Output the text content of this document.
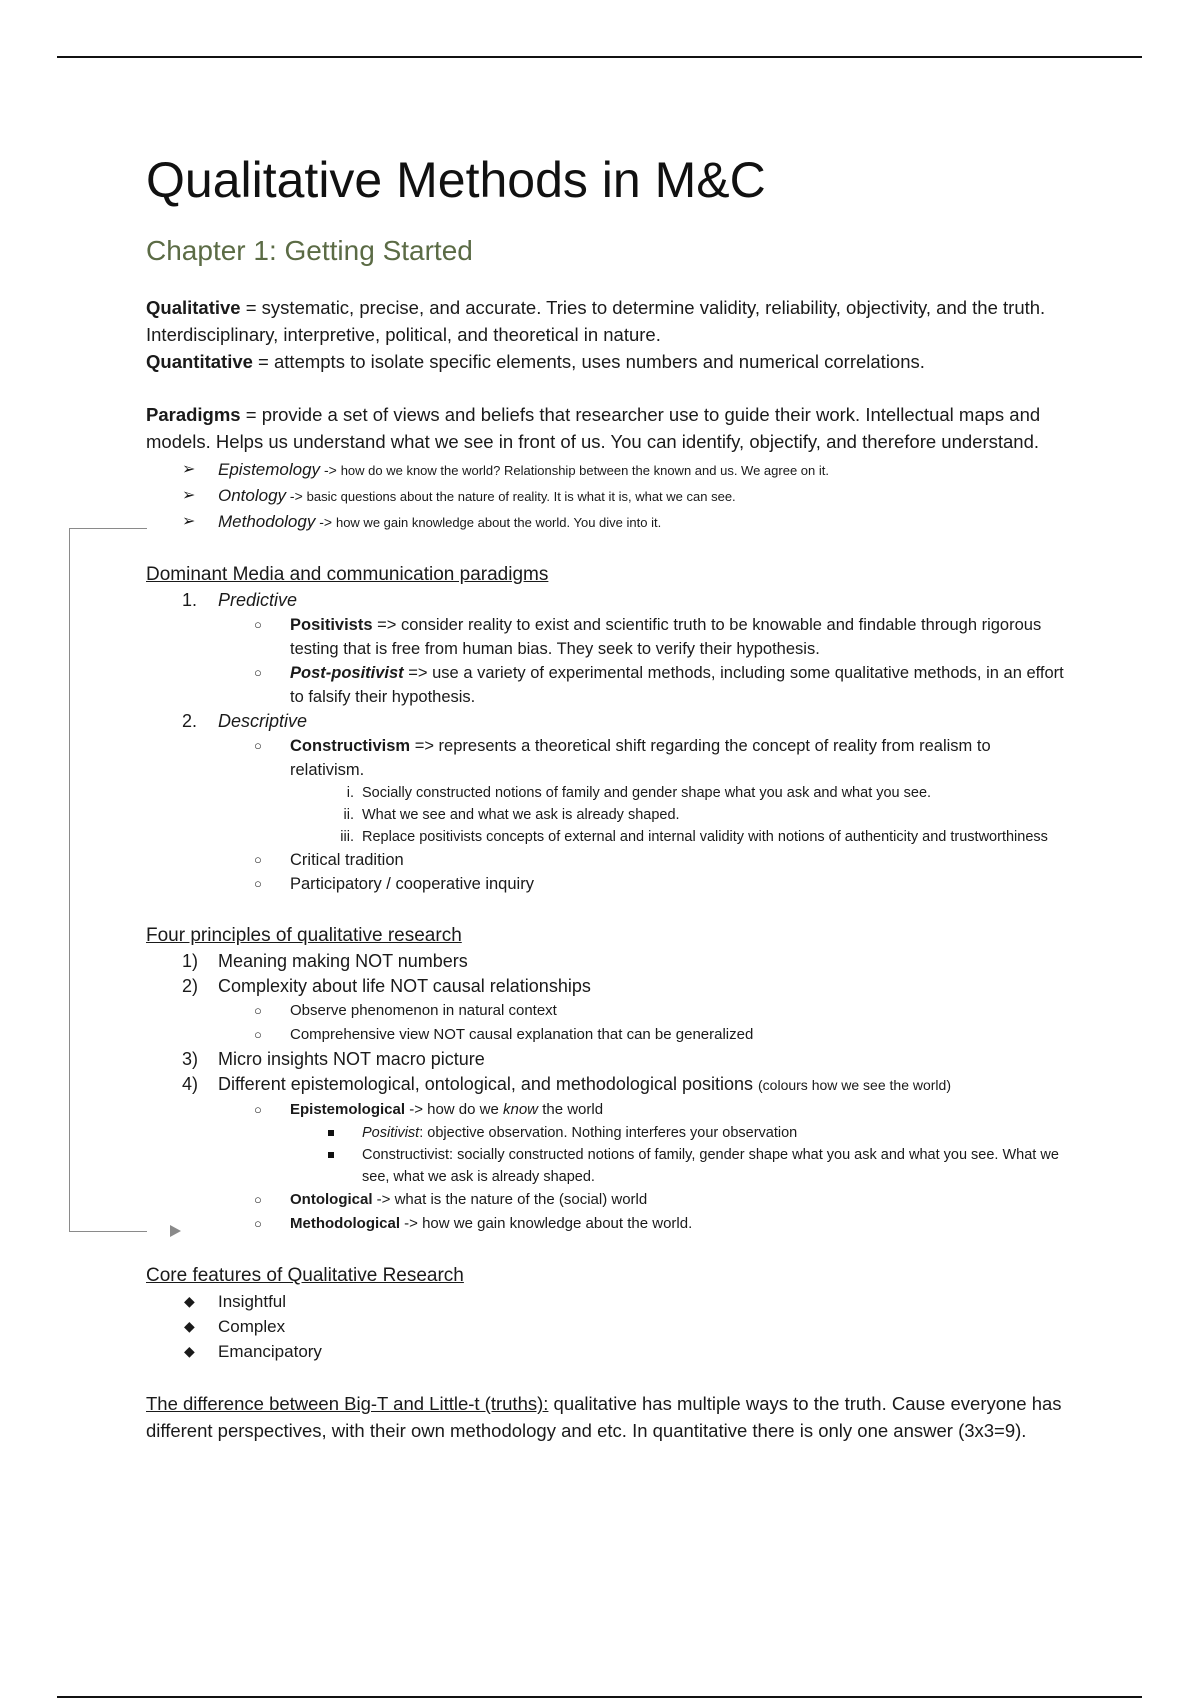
Qualitative Methods in M&C
Chapter 1: Getting Started

Qualitative = systematic, precise, and accurate. Tries to determine validity, reliability, objectivity, and the truth. Interdisciplinary, interpretive, political, and theoretical in nature.

Quantitative = attempts to isolate specific elements, uses numbers and numerical correlations.

Paradigms = provide a set of views and beliefs that researcher use to guide their work. Intellectual maps and models. Helps us understand what we see in front of us. You can identify, objectify, and therefore understand.

➢ Epistemology -> how do we know the world? Relationship between the known and us. We agree on it.
➢ Ontology -> basic questions about the nature of reality. It is what it is, what we can see.
➢ Methodology -> how we gain knowledge about the world. You dive into it.
Dominant Media and communication paradigms
1. Predictive
○ Positivists => consider reality to exist and scientific truth to be knowable and findable through rigorous testing that is free from human bias. They seek to verify their hypothesis.
○ Post-positivist => use a variety of experimental methods, including some qualitative methods, in an effort to falsify their hypothesis.
2. Descriptive
○ Constructivism => represents a theoretical shift regarding the concept of reality from realism to relativism.
i. Socially constructed notions of family and gender shape what you ask and what you see.
ii. What we see and what we ask is already shaped.
iii. Replace positivists concepts of external and internal validity with notions of authenticity and trustworthiness
○ Critical tradition
○ Participatory / cooperative inquiry
Four principles of qualitative research
1) Meaning making NOT numbers
2) Complexity about life NOT causal relationships
○ Observe phenomenon in natural context
○ Comprehensive view NOT causal explanation that can be generalized
3) Micro insights NOT macro picture
4) Different epistemological, ontological, and methodological positions (colours how we see the world)
○ Epistemological -> how do we know the world
Positivist: objective observation. Nothing interferes your observation
Constructivist: socially constructed notions of family, gender shape what you ask and what you see. What we see, what we ask is already shaped.
○ Ontological -> what is the nature of the (social) world
○ Methodological -> how we gain knowledge about the world.
Core features of Qualitative Research
◆ Insightful
◆ Complex
◆ Emancipatory

The difference between Big-T and Little-t (truths): qualitative has multiple ways to the truth. Cause everyone has different perspectives, with their own methodology and etc. In quantitative there is only one answer (3x3=9).
